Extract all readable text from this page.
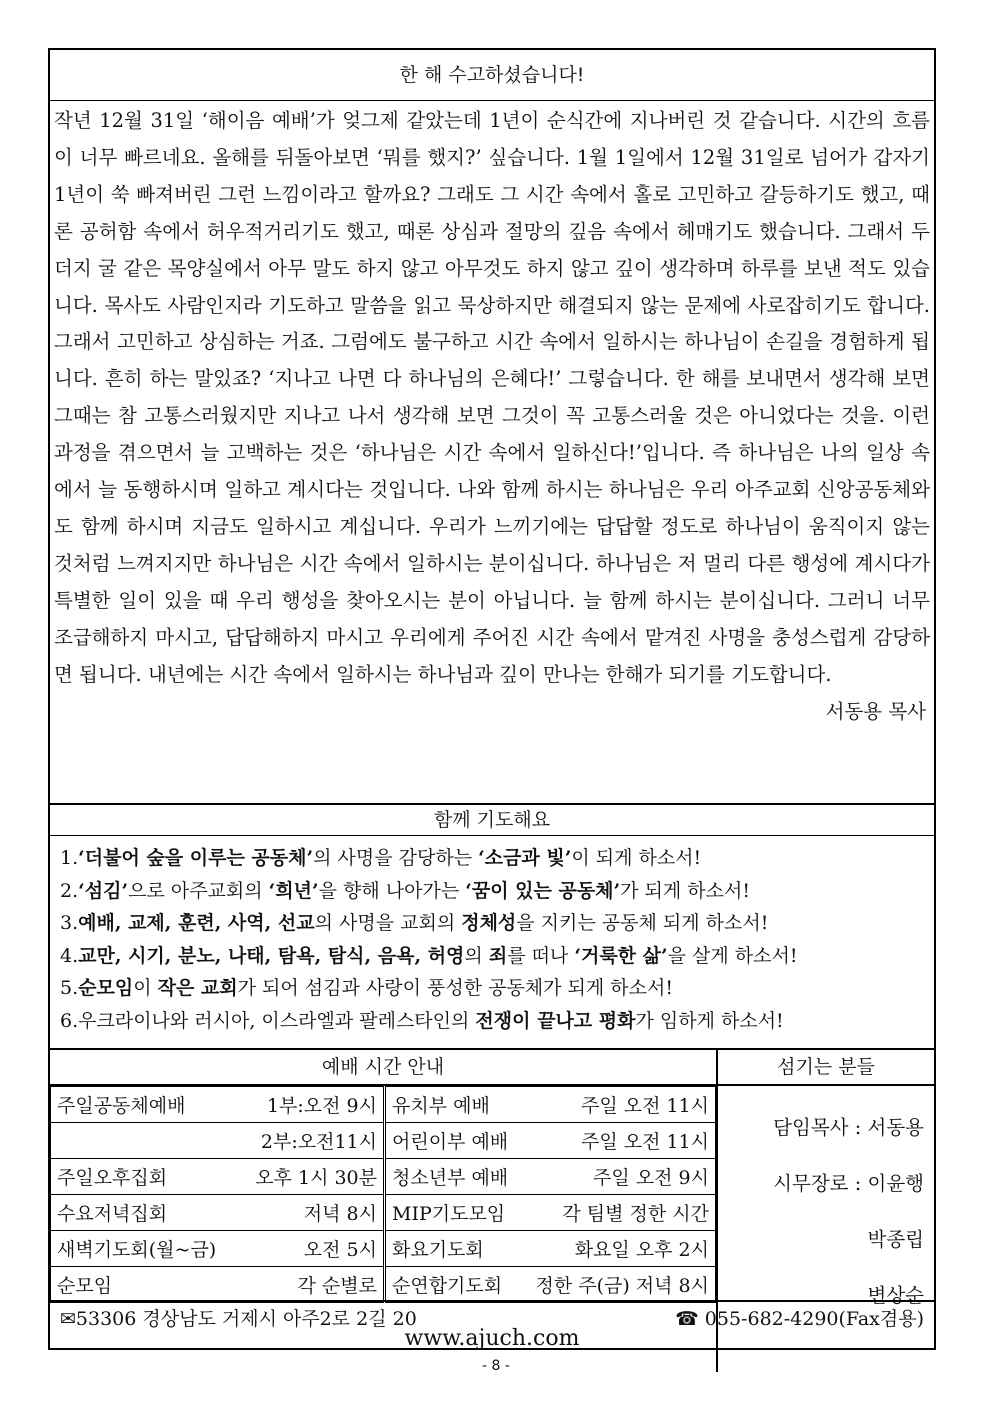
한 해 수고하셨습니다!
작년 12월 31일 ‘해이음 예배’가 엊그제 같았는데 1년이 순식간에 지나버린 것 같습니다. 시간의 흐름이 너무 빠르네요. 올해를 뒤돌아보면 ‘뭐를 했지?’ 싶습니다. 1월 1일에서 12월 31일로 넘어가 갑자기 1년이 쑥 빠져버린 그런 느낌이라고 할까요? 그래도 그 시간 속에서 홀로 고민하고 갈등하기도 했고, 때론 공허함 속에서 허우적거리기도 했고, 때론 상심과 절망의 깊음 속에서 헤매기도 했습니다. 그래서 두더지 굴 같은 목양실에서 아무 말도 하지 않고 아무것도 하지 않고 깊이 생각하며 하루를 보낸 적도 있습니다. 목사도 사람인지라 기도하고 말씀을 읽고 묵상하지만 해결되지 않는 문제에 사로잡히기도 합니다. 그래서 고민하고 상심하는 거죠. 그럼에도 불구하고 시간 속에서 일하시는 하나님이 손길을 경험하게 됩니다. 흔히 하는 말있죠? ‘지나고 나면 다 하나님의 은혜다!’ 그렇습니다. 한 해를 보내면서 생각해 보면 그때는 참 고통스러웠지만 지나고 나서 생각해 보면 그것이 꼭 고통스러울 것은 아니었다는 것을. 이런 과정을 겪으면서 늘 고백하는 것은 ‘하나님은 시간 속에서 일하신다!’입니다. 즉 하나님은 나의 일상 속에서 늘 동행하시며 일하고 계시다는 것입니다. 나와 함께 하시는 하나님은 우리 아주교회 신앙공동체와도 함께 하시며 지금도 일하시고 계십니다. 우리가 느끼기에는 답답할 정도로 하나님이 움직이지 않는 것처럼 느껴지지만 하나님은 시간 속에서 일하시는 분이십니다. 하나님은 저 멀리 다른 행성에 계시다가 특별한 일이 있을 때 우리 행성을 찾아오시는 분이 아닙니다. 늘 함께 하시는 분이십니다. 그러니 너무 조급해하지 마시고, 답답해하지 마시고 우리에게 주어진 시간 속에서 맡겨진 사명을 충성스럽게 감당하면 됩니다. 내년에는 시간 속에서 일하시는 하나님과 깊이 만나는 한해가 되기를 기도합니다.
서동용 목사
함께 기도해요
1.‘더불어 숲을 이루는 공동체’의 사명을 감당하는 ‘소금과 빛’이 되게 하소서!
2.‘섬김’으로 아주교회의 ‘희년’을 향해 나아가는 ‘꿈이 있는 공동체’가 되게 하소서!
3.예배, 교제, 훈련, 사역, 선교의 사명을 교회의 정체성을 지키는 공동체 되게 하소서!
4.교만, 시기, 분노, 나태, 탐욕, 탐식, 음욕, 허영의 죄를 떠나 ‘거룩한 삶’을 살게 하소서!
5.순모임이 작은 교회가 되어 섬김과 사랑이 풍성한 공동체가 되게 하소서!
6.우크라이나와 러시아, 이스라엘과 팔레스타인의 전쟁이 끝나고 평화가 임하게 하소서!
예배 시간 안내
주일공동체예배 1부:오전 9시	유치부 예배 주일 오전 11시

2부:오전11시	어린이부 예배 주일 오전 11시

주일오후집회 오후 1시 30분	청소년부 예배 주일 오전 9시

수요저녁집회 저녁 8시	MIP기도모임 각 팀별 정한 시간

새벽기도회(월~금) 오전 5시	화요기도회 화요일 오후 2시

순모임 각 순별로	순연합기도회 정한 주(금) 저녁 8시
섬기는 분들
담임목사 : 서동용
시무장로 : 이윤행
박종립
변상순
✉53306 경상남도 거제시 아주2로 2길 20	☎ 055-682-4290(Fax겸용)
www.ajuch.com
- 8 -
